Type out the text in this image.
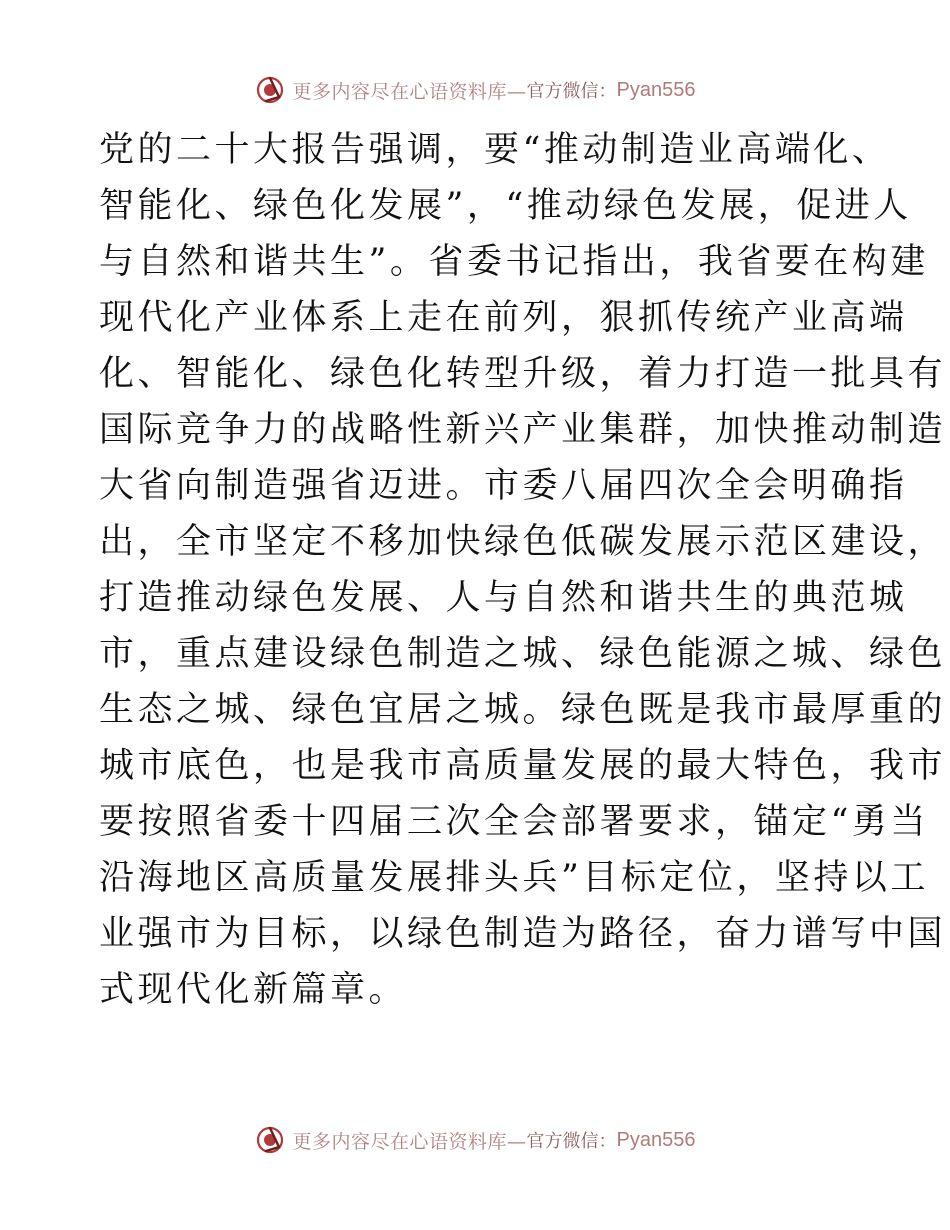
更多内容尽在心语资料库— 官方微信： Pyan556
党的二十大报告强调，要“推动制造业高端化、
智能化、绿色化发展”，“推动绿色发展，促进人
与自然和谐共生”。省委书记指出，我省要在构建
现代化产业体系上走在前列，狠抓传统产业高端
化、智能化、绿色化转型升级，着力打造一批具有
国际竞争力的战略性新兴产业集群，加快推动制造
大省向制造强省迈进。市委八届四次全会明确指
出，全市坚定不移加快绿色低碳发展示范区建设，
打造推动绿色发展、人与自然和谐共生的典范城
市，重点建设绿色制造之城、绿色能源之城、绿色
生态之城、绿色宜居之城。绿色既是我市最厚重的
城市底色，也是我市高质量发展的最大特色，我市
要按照省委十四届三次全会部署要求，锚定“勇当
沿海地区高质量发展排头兵”目标定位，坚持以工
业强市为目标，以绿色制造为路径，奋力谱写中国
式现代化新篇章。
更多内容尽在心语资料库— 官方微信： Pyan556
